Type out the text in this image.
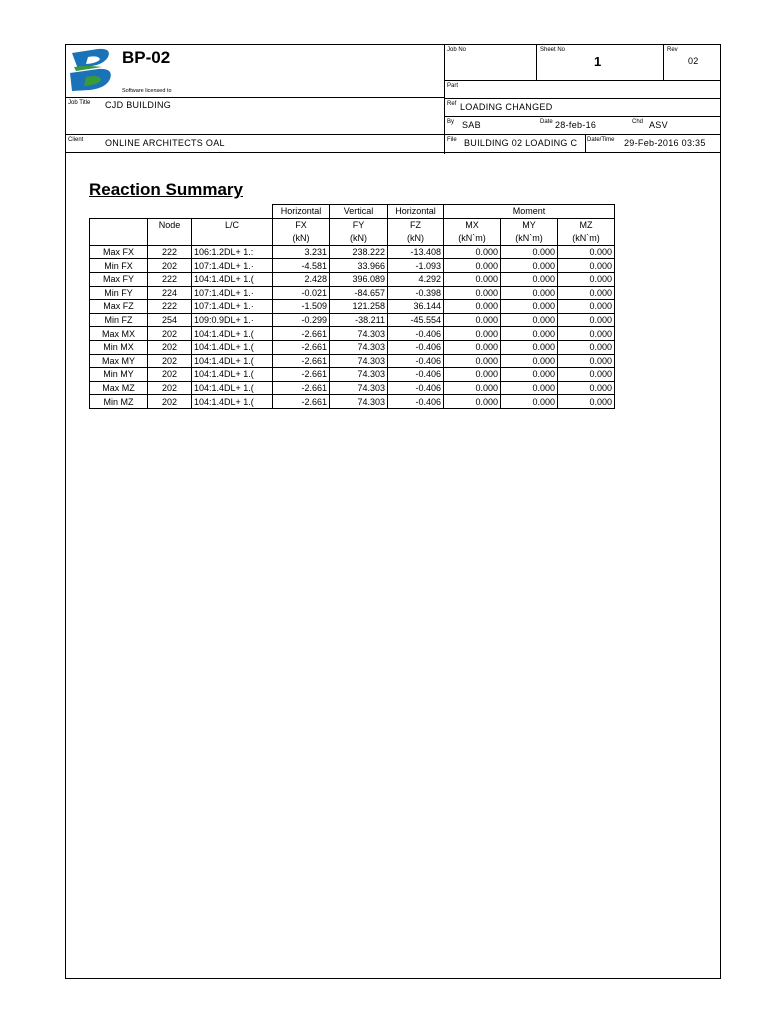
BP-02
Software licensed to
Job No	Sheet No
1
Rev
02
Part
Job Title CJD BUILDING	Ref LOADING CHANGED
By SAB	Date 28-feb-16	Chd ASV
Client ONLINE ARCHITECTS OAL	File BUILDING 02 LOADING C	Date/Time 29-Feb-2016 03:35
Reaction Summary
			Horizontal	Vertical	Horizontal	Moment		
	Node	L/C	FX	FY	FZ	MX	MY	MZ
			(kN)	(kN)	(kN)	(kN`m)	(kN`m)	(kN`m)
Max FX	222	106:1.2DL+ 1.:	3.231	238.222	-13.408	0.000	0.000	0.000
Min FX	202	107:1.4DL+ 1.·	-4.581	33.966	-1.093	0.000	0.000	0.000
Max FY	222	104:1.4DL+ 1.(	2.428	396.089	4.292	0.000	0.000	0.000
Min FY	224	107:1.4DL+ 1.·	-0.021	-84.657	-0.398	0.000	0.000	0.000
Max FZ	222	107:1.4DL+ 1.·	-1.509	121.258	36.144	0.000	0.000	0.000
Min FZ	254	109:0.9DL+ 1.·	-0.299	-38.211	-45.554	0.000	0.000	0.000
Max MX	202	104:1.4DL+ 1.(	-2.661	74.303	-0.406	0.000	0.000	0.000
Min MX	202	104:1.4DL+ 1.(	-2.661	74.303	-0.406	0.000	0.000	0.000
Max MY	202	104:1.4DL+ 1.(	-2.661	74.303	-0.406	0.000	0.000	0.000
Min MY	202	104:1.4DL+ 1.(	-2.661	74.303	-0.406	0.000	0.000	0.000
Max MZ	202	104:1.4DL+ 1.(	-2.661	74.303	-0.406	0.000	0.000	0.000
Min MZ	202	104:1.4DL+ 1.(	-2.661	74.303	-0.406	0.000	0.000	0.000
